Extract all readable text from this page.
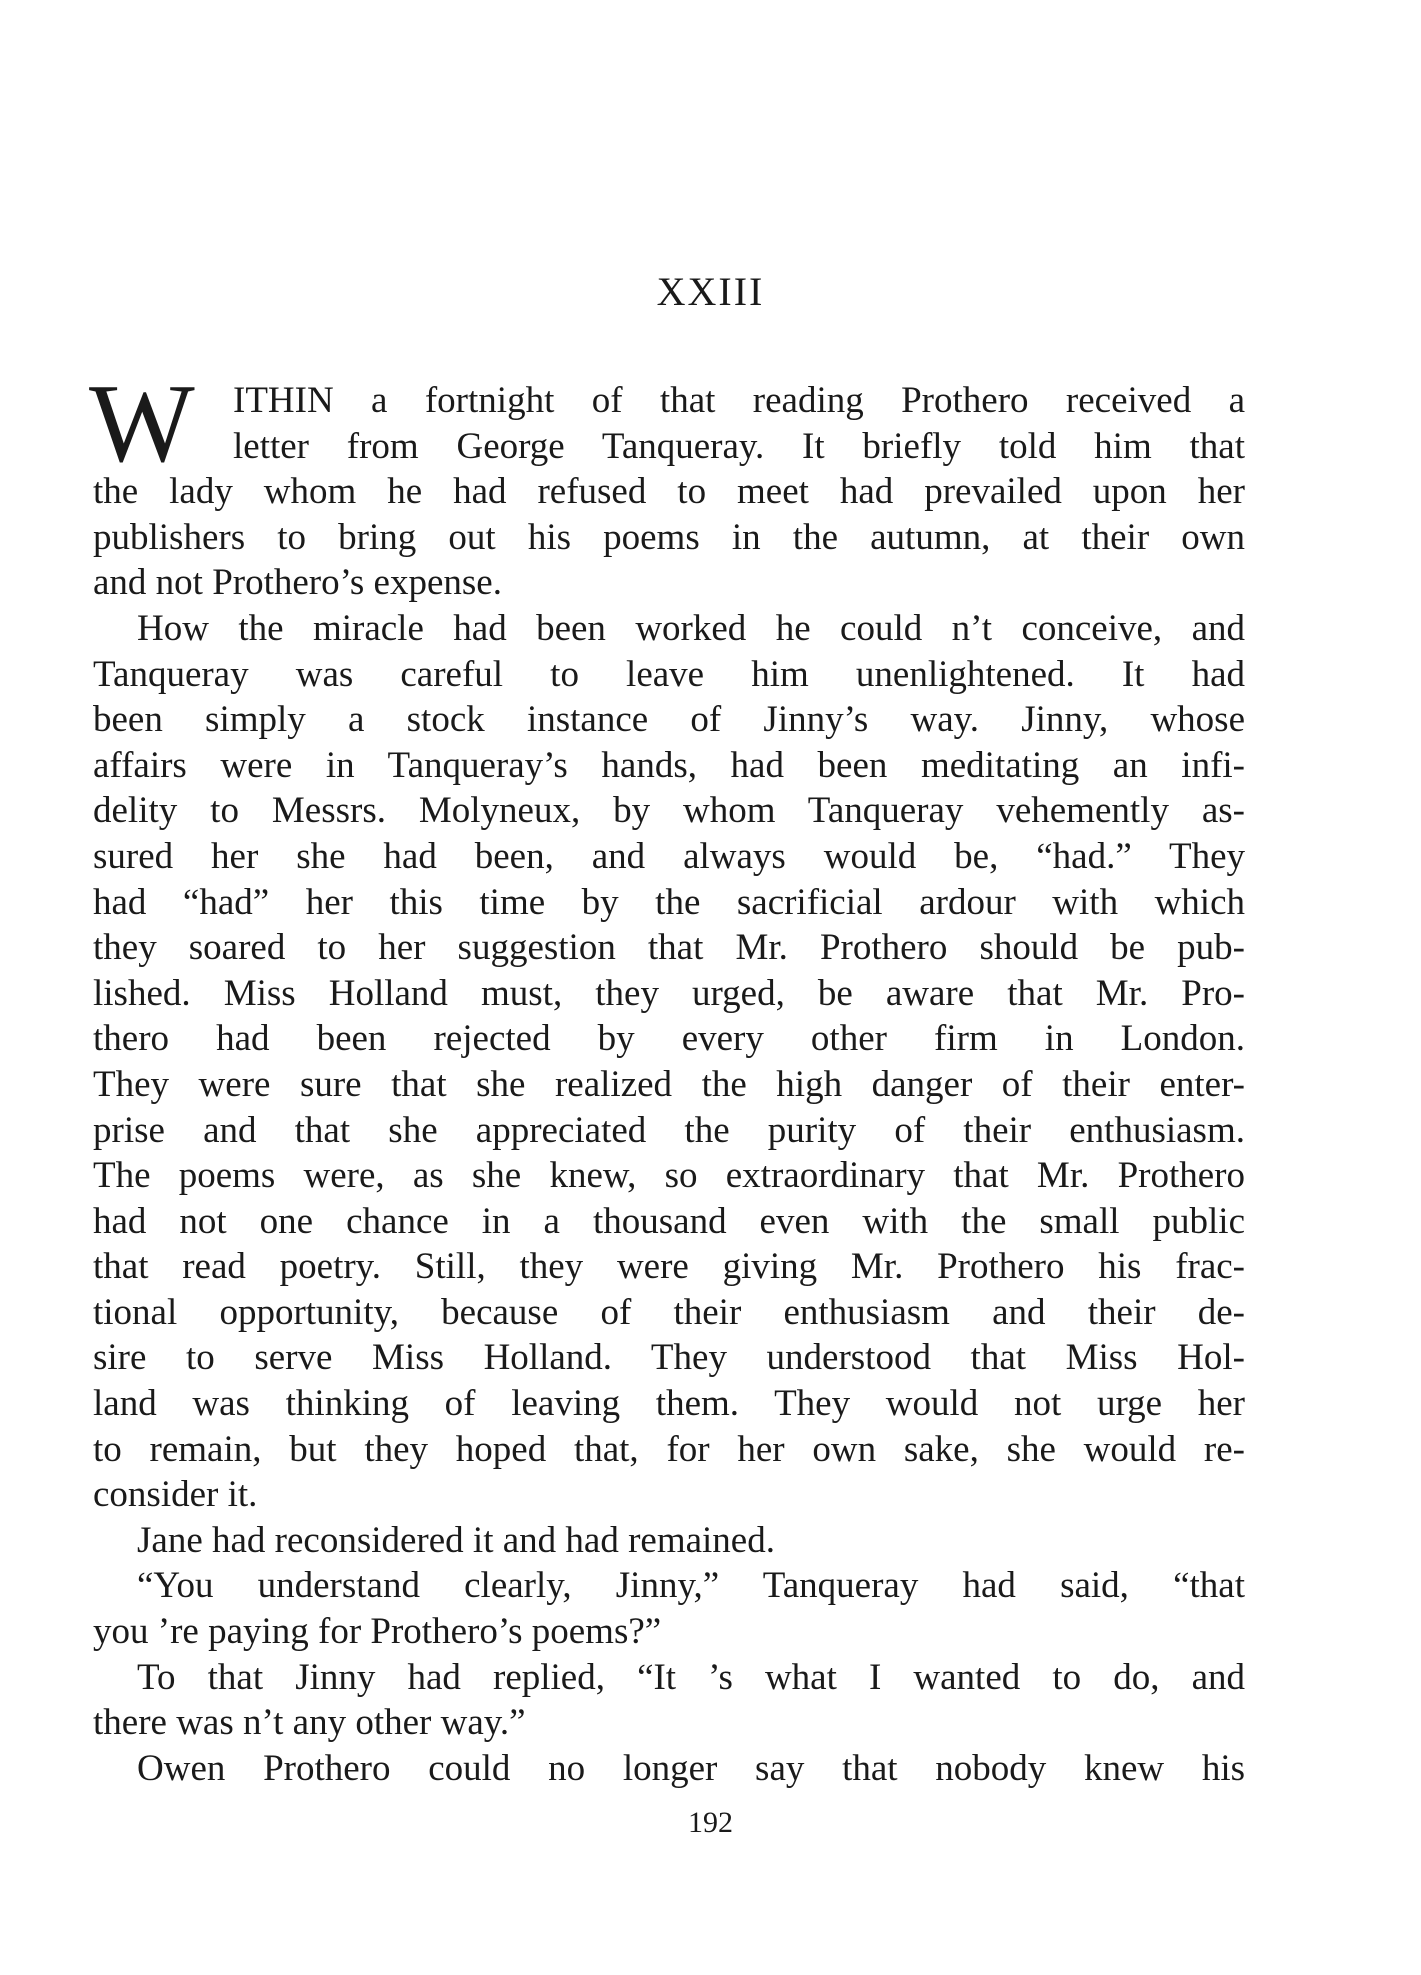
XXIII
W	ITHIN a fortnight of that reading Prothero received a
letter from George Tanqueray. It briefly told him that
the lady whom he had refused to meet had prevailed upon her
publishers to bring out his poems in the autumn, at their own
and not Prothero’s expense.
How the miracle had been worked he could n’t conceive, and
Tanqueray was careful to leave him unenlightened. It had
been simply a stock instance of Jinny’s way. Jinny, whose
affairs were in Tanqueray’s hands, had been meditating an infi-
delity to Messrs. Molyneux, by whom Tanqueray vehemently as-
sured her she had been, and always would be, “had.” They
had “had” her this time by the sacrificial ardour with which
they soared to her suggestion that Mr. Prothero should be pub-
lished. Miss Holland must, they urged, be aware that Mr. Pro-
thero had been rejected by every other firm in London.
They were sure that she realized the high danger of their enter-
prise and that she appreciated the purity of their enthusiasm.
The poems were, as she knew, so extraordinary that Mr. Prothero
had not one chance in a thousand even with the small public
that read poetry. Still, they were giving Mr. Prothero his frac-
tional opportunity, because of their enthusiasm and their de-
sire to serve Miss Holland. They understood that Miss Hol-
land was thinking of leaving them. They would not urge her
to remain, but they hoped that, for her own sake, she would re-
consider it.
Jane had reconsidered it and had remained.
“You understand clearly, Jinny,” Tanqueray had said, “that
you ’re paying for Prothero’s poems?”
To that Jinny had replied, “It ’s what I wanted to do, and
there was n’t any other way.”
Owen Prothero could no longer say that nobody knew his
192
